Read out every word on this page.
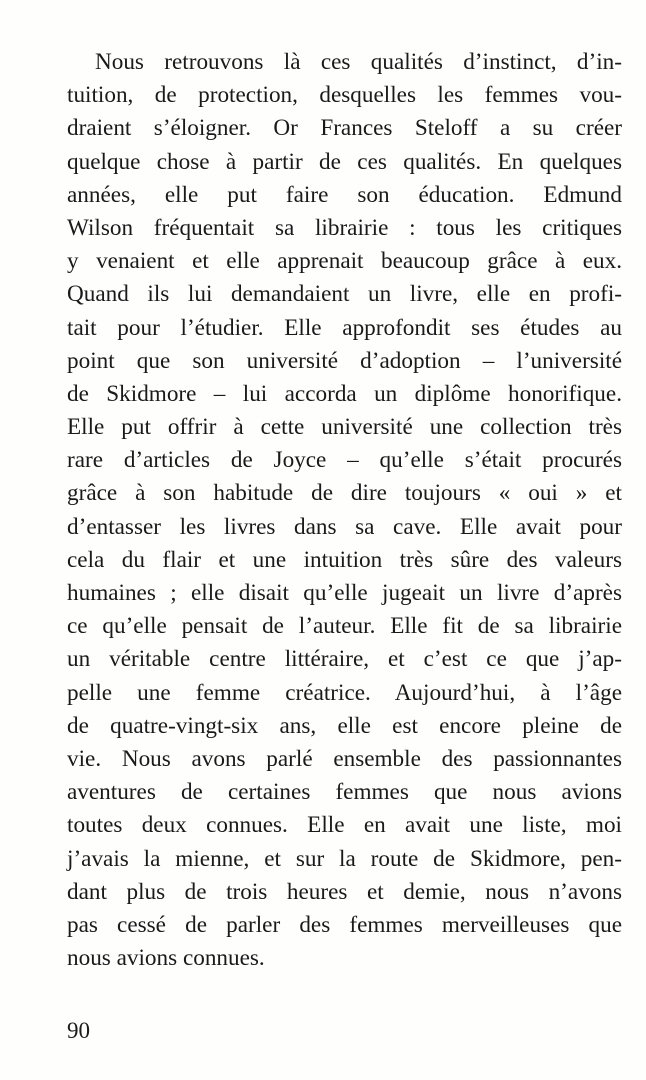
Nous retrouvons là ces qualités d’instinct, d’in-
tuition, de protection, desquelles les femmes vou-
draient s’éloigner. Or Frances Steloff a su créer
quelque chose à partir de ces qualités. En quelques
années, elle put faire son éducation. Edmund
Wilson fréquentait sa librairie : tous les critiques
y venaient et elle apprenait beaucoup grâce à eux.
Quand ils lui demandaient un livre, elle en profi-
tait pour l’étudier. Elle approfondit ses études au
point que son université d’adoption – l’université
de Skidmore – lui accorda un diplôme honorifique.
Elle put offrir à cette université une collection très
rare d’articles de Joyce – qu’elle s’était procurés
grâce à son habitude de dire toujours « oui » et
d’entasser les livres dans sa cave. Elle avait pour
cela du flair et une intuition très sûre des valeurs
humaines ; elle disait qu’elle jugeait un livre d’après
ce qu’elle pensait de l’auteur. Elle fit de sa librairie
un véritable centre littéraire, et c’est ce que j’ap-
pelle une femme créatrice. Aujourd’hui, à l’âge
de quatre-vingt-six ans, elle est encore pleine de
vie. Nous avons parlé ensemble des passionnantes
aventures de certaines femmes que nous avions
toutes deux connues. Elle en avait une liste, moi
j’avais la mienne, et sur la route de Skidmore, pen-
dant plus de trois heures et demie, nous n’avons
pas cessé de parler des femmes merveilleuses que
nous avions connues.
90
